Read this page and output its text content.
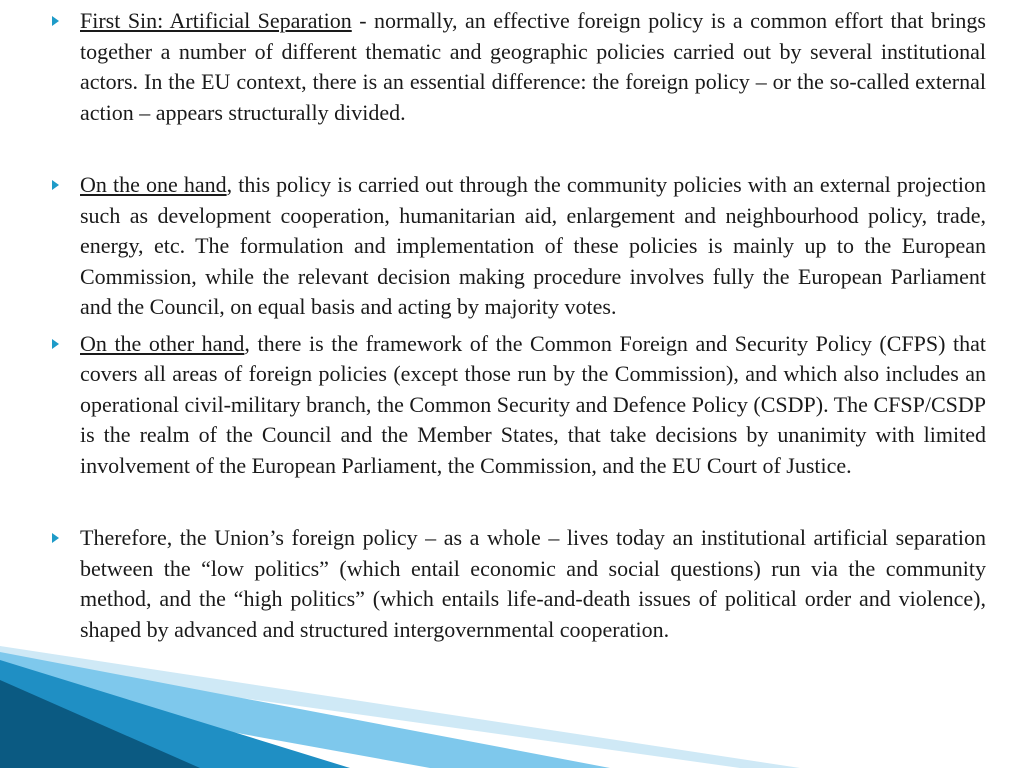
First Sin: Artificial Separation - normally, an effective foreign policy is a common effort that brings together a number of different thematic and geographic policies carried out by several institutional actors. In the EU context, there is an essential difference: the foreign policy – or the so-called external action – appears structurally divided.
On the one hand, this policy is carried out through the community policies with an external projection such as development cooperation, humanitarian aid, enlargement and neighbourhood policy, trade, energy, etc. The formulation and implementation of these policies is mainly up to the European Commission, while the relevant decision making procedure involves fully the European Parliament and the Council, on equal basis and acting by majority votes.
On the other hand, there is the framework of the Common Foreign and Security Policy (CFPS) that covers all areas of foreign policies (except those run by the Commission), and which also includes an operational civil-military branch, the Common Security and Defence Policy (CSDP). The CFSP/CSDP is the realm of the Council and the Member States, that take decisions by unanimity with limited involvement of the European Parliament, the Commission, and the EU Court of Justice.
Therefore, the Union’s foreign policy – as a whole – lives today an institutional artificial separation between the “low politics” (which entail economic and social questions) run via the community method, and the “high politics” (which entails life-and-death issues of political order and violence), shaped by advanced and structured intergovernmental cooperation.
